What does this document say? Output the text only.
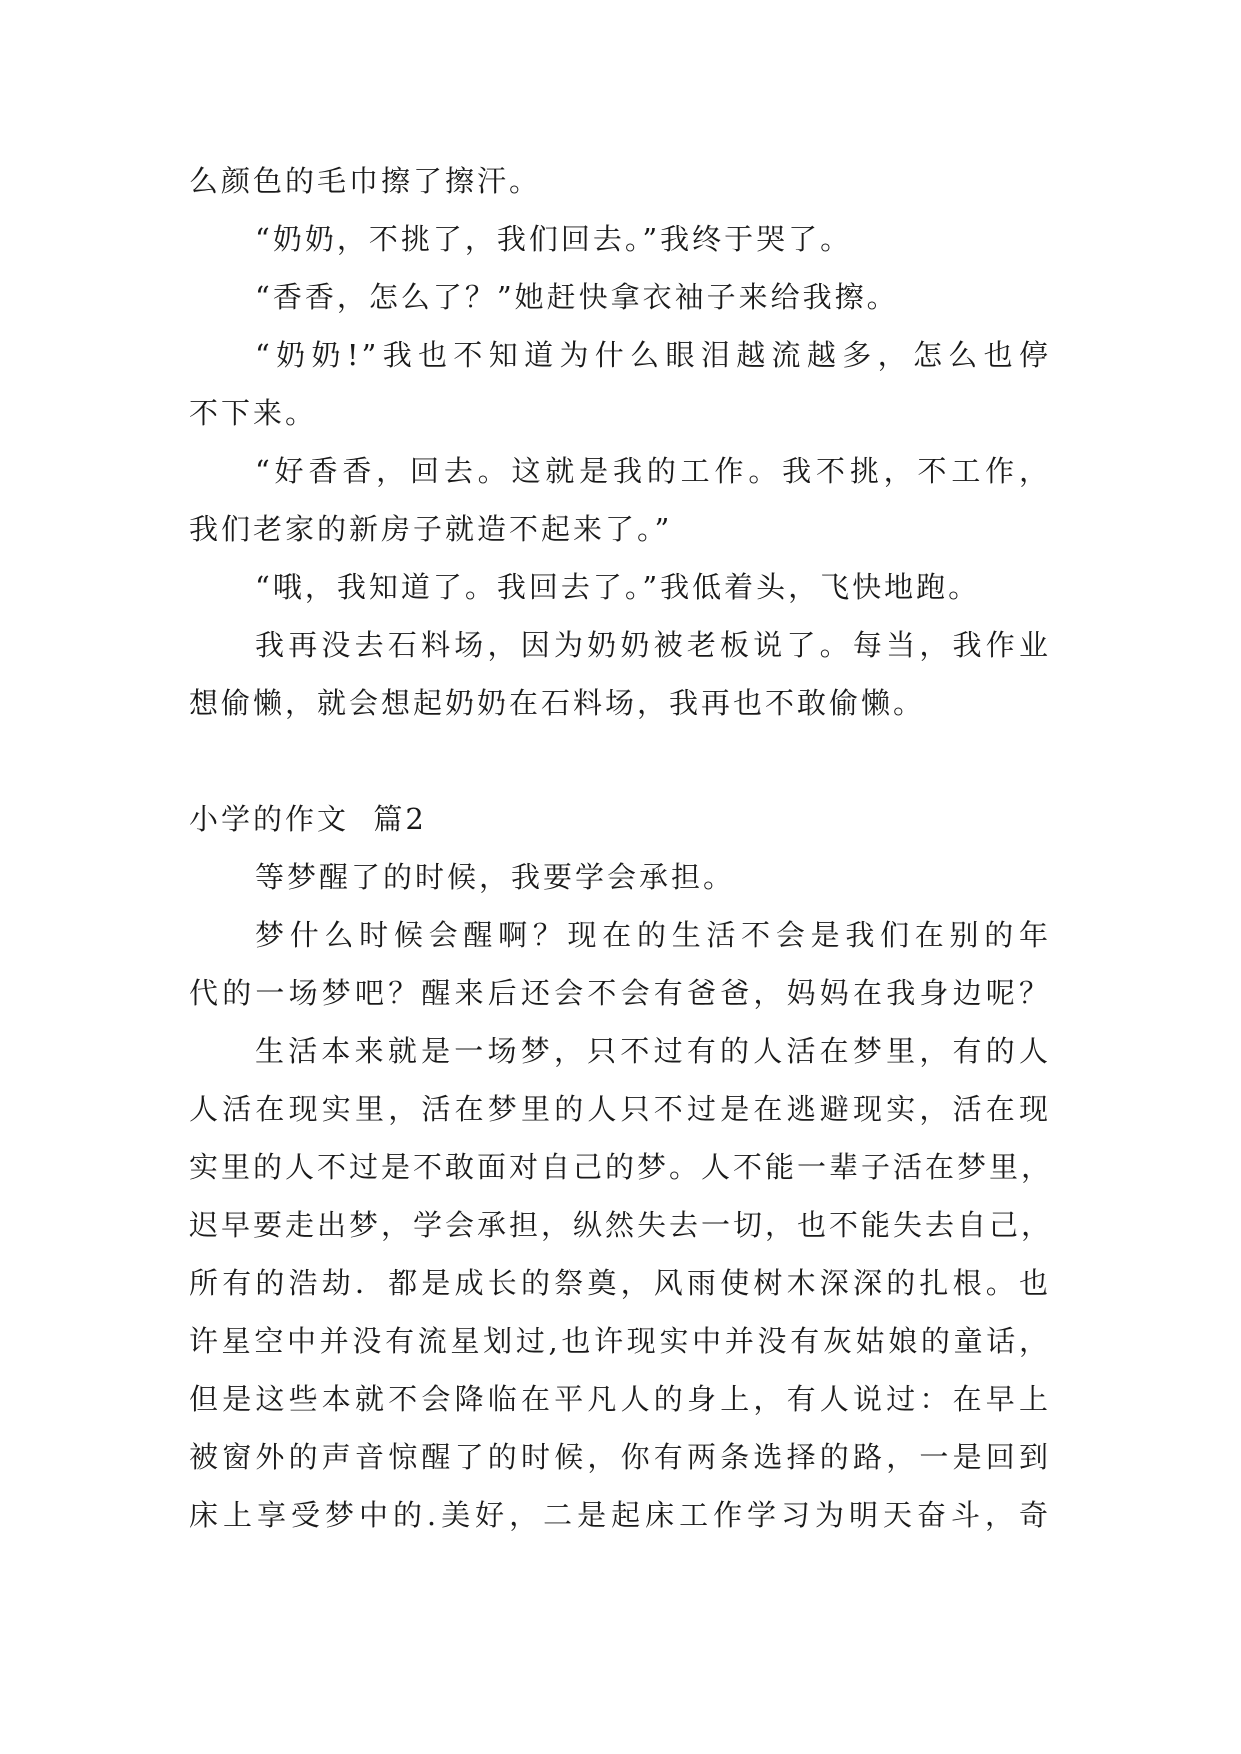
么颜色的毛巾擦了擦汗。
“奶奶，不挑了，我们回去。”我终于哭了。
“香香，怎么了？”她赶快拿衣袖子来给我擦。
“奶奶!”我也不知道为什么眼泪越流越多，怎么也停
不下来。
“好香香，回去。这就是我的工作。我不挑，不工作，
我们老家的新房子就造不起来了。”
“哦，我知道了。我回去了。”我低着头，飞快地跑。
我再没去石料场，因为奶奶被老板说了。每当，我作业
想偷懒，就会想起奶奶在石料场，我再也不敢偷懒。
小学的作文  篇2
等梦醒了的时候，我要学会承担。
梦什么时候会醒啊？现在的生活不会是我们在别的年
代的一场梦吧？醒来后还会不会有爸爸，妈妈在我身边呢？
生活本来就是一场梦，只不过有的人活在梦里，有的人
人活在现实里，活在梦里的人只不过是在逃避现实，活在现
实里的人不过是不敢面对自己的梦。人不能一辈子活在梦里，
迟早要走出梦，学会承担，纵然失去一切，也不能失去自己，
所有的浩劫．都是成长的祭奠，风雨使树木深深的扎根。也
许星空中并没有流星划过,也许现实中并没有灰姑娘的童话，
但是这些本就不会降临在平凡人的身上，有人说过：在早上
被窗外的声音惊醒了的时候，你有两条选择的路，一是回到
床上享受梦中的.美好，二是起床工作学习为明天奋斗，奇
